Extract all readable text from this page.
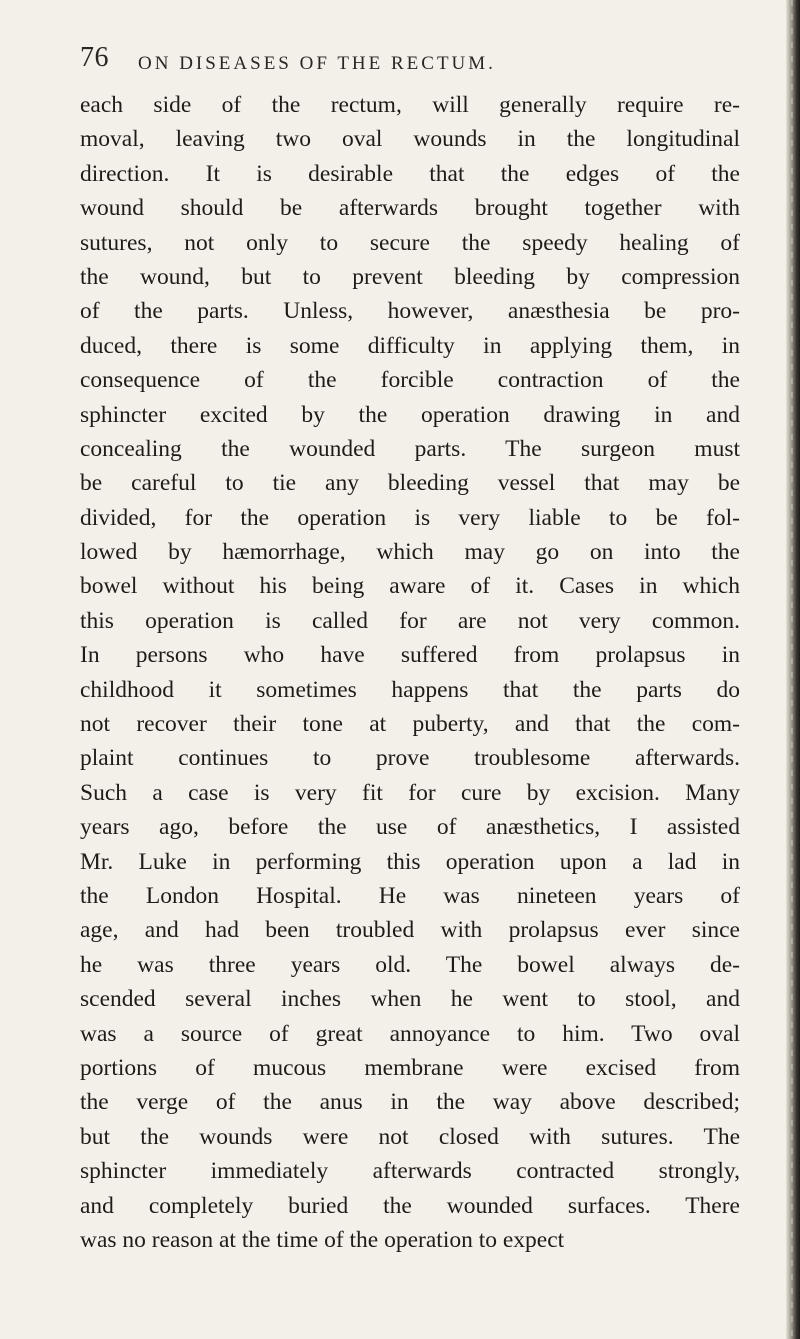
76 ON DISEASES OF THE RECTUM.
each side of the rectum, will generally require re-
moval, leaving two oval wounds in the longitudinal
direction. It is desirable that the edges of the
wound should be afterwards brought together with
sutures, not only to secure the speedy healing of
the wound, but to prevent bleeding by compression
of the parts. Unless, however, anæsthesia be pro-
duced, there is some difficulty in applying them, in
consequence of the forcible contraction of the
sphincter excited by the operation drawing in and
concealing the wounded parts. The surgeon must
be careful to tie any bleeding vessel that may be
divided, for the operation is very liable to be fol-
lowed by hæmorrhage, which may go on into the
bowel without his being aware of it. Cases in which
this operation is called for are not very common.
In persons who have suffered from prolapsus in
childhood it sometimes happens that the parts do
not recover their tone at puberty, and that the com-
plaint continues to prove troublesome afterwards.
Such a case is very fit for cure by excision. Many
years ago, before the use of anæsthetics, I assisted
Mr. Luke in performing this operation upon a lad in
the London Hospital. He was nineteen years of
age, and had been troubled with prolapsus ever since
he was three years old. The bowel always de-
scended several inches when he went to stool, and
was a source of great annoyance to him. Two oval
portions of mucous membrane were excised from
the verge of the anus in the way above described;
but the wounds were not closed with sutures. The
sphincter immediately afterwards contracted strongly,
and completely buried the wounded surfaces. There
was no reason at the time of the operation to expect
